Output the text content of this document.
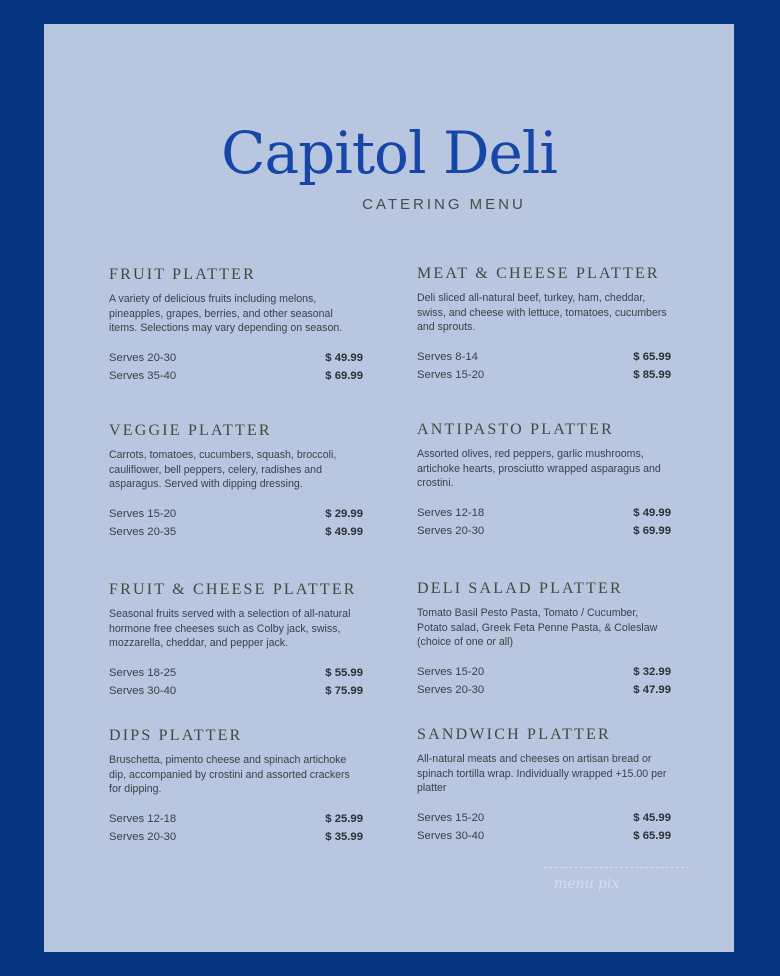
Capitol Deli
CATERING MENU
FRUIT PLATTER
A variety of delicious fruits including melons, pineapples, grapes, berries, and other seasonal items. Selections may vary depending on season.
Serves 20-30	$ 49.99
Serves 35-40	$ 69.99
MEAT & CHEESE PLATTER
Deli sliced all-natural beef, turkey, ham, cheddar, swiss, and cheese with lettuce, tomatoes, cucumbers and sprouts.
Serves 8-14	$ 65.99
Serves 15-20	$ 85.99
VEGGIE PLATTER
Carrots, tomatoes, cucumbers, squash, broccoli, cauliflower, bell peppers, celery, radishes and asparagus. Served with dipping dressing.
Serves 15-20	$ 29.99
Serves 20-35	$ 49.99
ANTIPASTO PLATTER
Assorted olives, red peppers, garlic mushrooms, artichoke hearts, prosciutto wrapped asparagus and crostini.
Serves 12-18	$ 49.99
Serves 20-30	$ 69.99
FRUIT & CHEESE PLATTER
Seasonal fruits served with a selection of all-natural hormone free cheeses such as Colby jack, swiss, mozzarella, cheddar, and pepper jack.
Serves 18-25	$ 55.99
Serves 30-40	$ 75.99
DELI SALAD PLATTER
Tomato Basil Pesto Pasta, Tomato / Cucumber, Potato salad, Greek Feta Penne Pasta, & Coleslaw (choice of one or all)
Serves 15-20	$ 32.99
Serves 20-30	$ 47.99
DIPS PLATTER
Bruschetta, pimento cheese and spinach artichoke dip, accompanied by crostini and assorted crackers for dipping.
Serves 12-18	$ 25.99
Serves 20-30	$ 35.99
SANDWICH PLATTER
All-natural meats and cheeses on artisan bread or spinach tortilla wrap. Individually wrapped +15.00 per platter
Serves 15-20	$ 45.99
Serves 30-40	$ 65.99
menu pix
